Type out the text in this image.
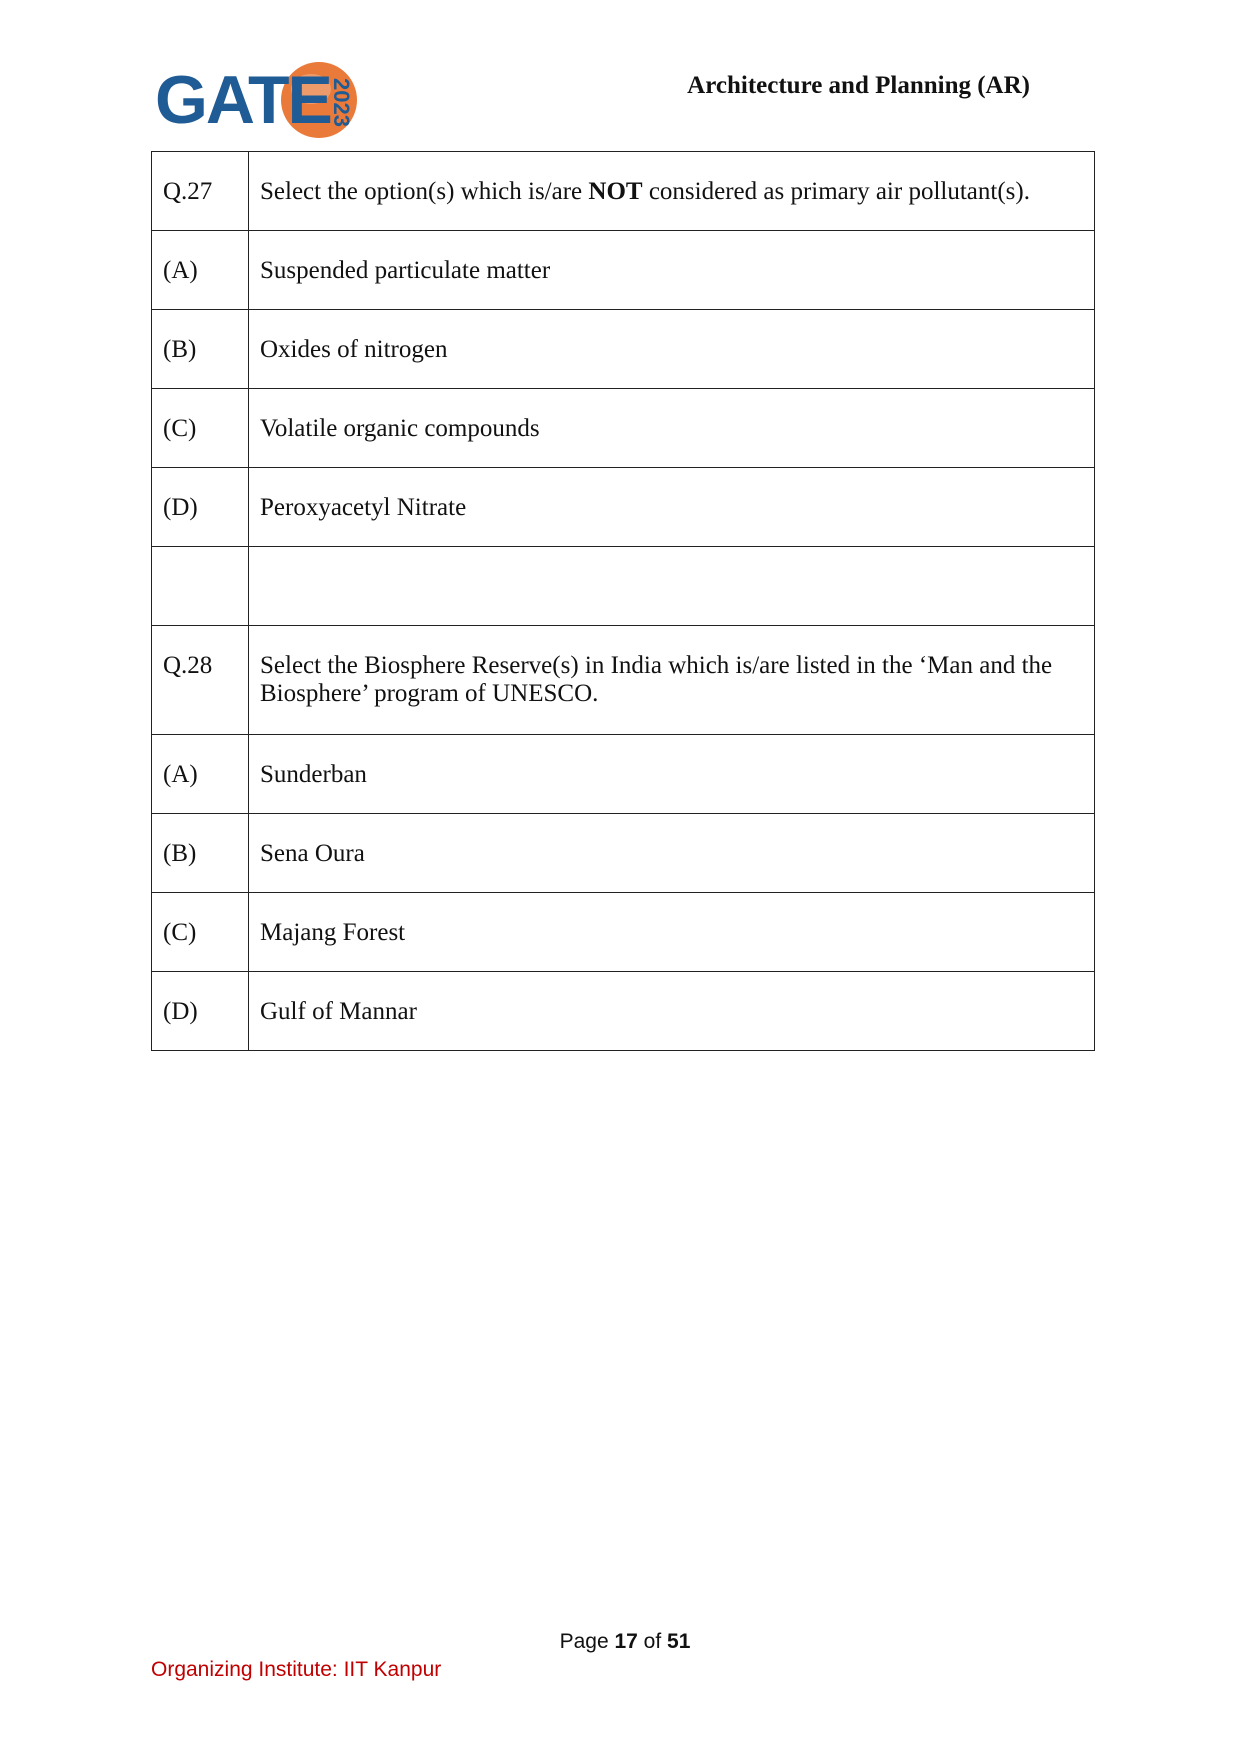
GATE
2023	Architecture and Planning (AR)
Q.27	Select the option(s) which is/are NOT considered as primary air pollutant(s).
(A)	Suspended particulate matter
(B)	Oxides of nitrogen
(C)	Volatile organic compounds
(D)	Peroxyacetyl Nitrate

Q.28	Select the Biosphere Reserve(s) in India which is/are listed in the ‘Man and the Biosphere’ program of UNESCO.
(A)	Sunderban
(B)	Sena Oura
(C)	Majang Forest
(D)	Gulf of Mannar
Page 17 of 51
Organizing Institute: IIT Kanpur
